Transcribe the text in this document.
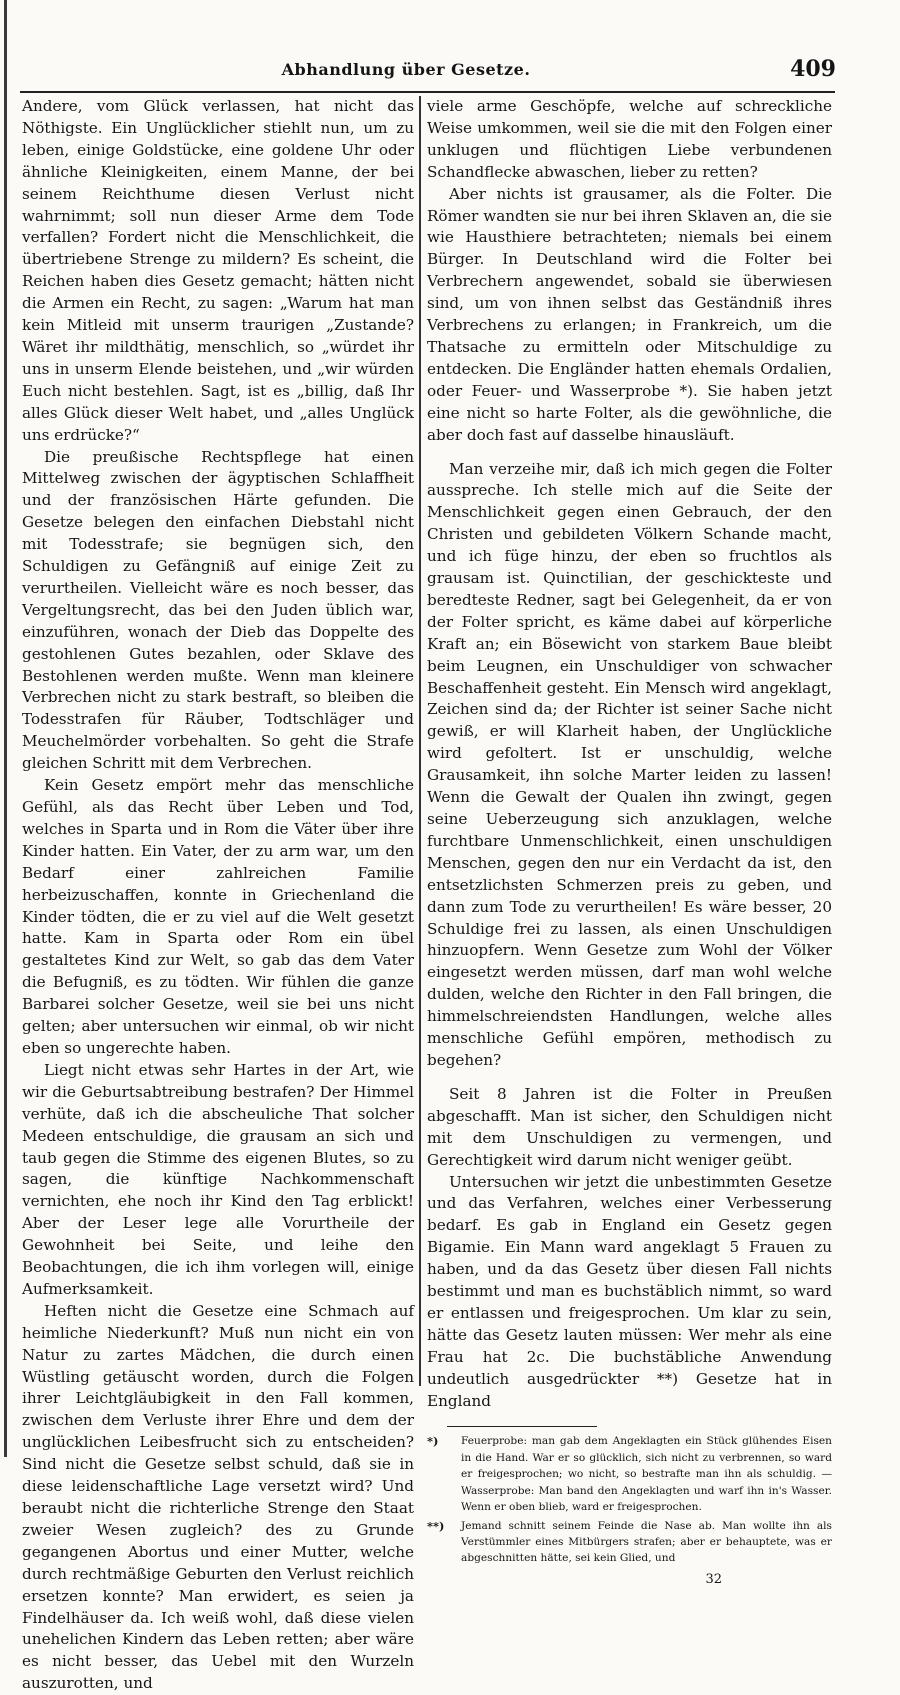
Abhandlung über Gesetze.	409

Andere, vom Glück verlassen, hat nicht das Nöthigste. Ein Unglücklicher stiehlt nun, um zu leben, einige Goldstücke, eine goldene Uhr oder ähnliche Kleinigkeiten, einem Manne, der bei seinem Reichthume diesen Verlust nicht wahrnimmt; soll nun dieser Arme dem Tode verfallen? Fordert nicht die Menschlichkeit, die übertriebene Strenge zu mildern? Es scheint, die Reichen haben dies Gesetz gemacht; hätten nicht die Armen ein Recht, zu sagen: „Warum hat man kein Mitleid mit unserm traurigen „Zustande? Wäret ihr mildthätig, menschlich, so „würdet ihr uns in unserm Elende beistehen, und „wir würden Euch nicht bestehlen. Sagt, ist es „billig, daß Ihr alles Glück dieser Welt habet, und „alles Unglück uns erdrücke?“

Die preußische Rechtspflege hat einen Mittelweg zwischen der ägyptischen Schlaffheit und der französischen Härte gefunden. Die Gesetze belegen den einfachen Diebstahl nicht mit Todesstrafe; sie begnügen sich, den Schuldigen zu Gefängniß auf einige Zeit zu verurtheilen. Vielleicht wäre es noch besser, das Vergeltungsrecht, das bei den Juden üblich war, einzuführen, wonach der Dieb das Doppelte des gestohlenen Gutes bezahlen, oder Sklave des Bestohlenen werden mußte. Wenn man kleinere Verbrechen nicht zu stark bestraft, so bleiben die Todesstrafen für Räuber, Todtschläger und Meuchelmörder vorbehalten. So geht die Strafe gleichen Schritt mit dem Verbrechen.

Kein Gesetz empört mehr das menschliche Gefühl, als das Recht über Leben und Tod, welches in Sparta und in Rom die Väter über ihre Kinder hatten. Ein Vater, der zu arm war, um den Bedarf einer zahlreichen Familie herbeizuschaffen, konnte in Griechenland die Kinder tödten, die er zu viel auf die Welt gesetzt hatte. Kam in Sparta oder Rom ein übel gestaltetes Kind zur Welt, so gab das dem Vater die Befugniß, es zu tödten. Wir fühlen die ganze Barbarei solcher Gesetze, weil sie bei uns nicht gelten; aber untersuchen wir einmal, ob wir nicht eben so ungerechte haben.

Liegt nicht etwas sehr Hartes in der Art, wie wir die Geburtsabtreibung bestrafen? Der Himmel verhüte, daß ich die abscheuliche That solcher Medeen entschuldige, die grausam an sich und taub gegen die Stimme des eigenen Blutes, so zu sagen, die künftige Nachkommenschaft vernichten, ehe noch ihr Kind den Tag erblickt! Aber der Leser lege alle Vorurtheile der Gewohnheit bei Seite, und leihe den Beobachtungen, die ich ihm vorlegen will, einige Aufmerksamkeit.

Heften nicht die Gesetze eine Schmach auf heimliche Niederkunft? Muß nun nicht ein von Natur zu zartes Mädchen, die durch einen Wüstling getäuscht worden, durch die Folgen ihrer Leichtgläubigkeit in den Fall kommen, zwischen dem Verluste ihrer Ehre und dem der unglücklichen Leibesfrucht sich zu entscheiden? Sind nicht die Gesetze selbst schuld, daß sie in diese leidenschaftliche Lage versetzt wird? Und beraubt nicht die richterliche Strenge den Staat zweier Wesen zugleich? des zu Grunde gegangenen Abortus und einer Mutter, welche durch rechtmäßige Geburten den Verlust reichlich ersetzen konnte? Man erwidert, es seien ja Findelhäuser da. Ich weiß wohl, daß diese vielen unehelichen Kindern das Leben retten; aber wäre es nicht besser, das Uebel mit den Wurzeln auszurotten, und

viele arme Geschöpfe, welche auf schreckliche Weise umkommen, weil sie die mit den Folgen einer unklugen und flüchtigen Liebe verbundenen Schandflecke abwaschen, lieber zu retten?

Aber nichts ist grausamer, als die Folter. Die Römer wandten sie nur bei ihren Sklaven an, die sie wie Hausthiere betrachteten; niemals bei einem Bürger. In Deutschland wird die Folter bei Verbrechern angewendet, sobald sie überwiesen sind, um von ihnen selbst das Geständniß ihres Verbrechens zu erlangen; in Frankreich, um die Thatsache zu ermitteln oder Mitschuldige zu entdecken. Die Engländer hatten ehemals Ordalien, oder Feuer- und Wasserprobe *). Sie haben jetzt eine nicht so harte Folter, als die gewöhnliche, die aber doch fast auf dasselbe hinausläuft.

Man verzeihe mir, daß ich mich gegen die Folter ausspreche. Ich stelle mich auf die Seite der Menschlichkeit gegen einen Gebrauch, der den Christen und gebildeten Völkern Schande macht, und ich füge hinzu, der eben so fruchtlos als grausam ist. Quinctilian, der geschickteste und beredteste Redner, sagt bei Gelegenheit, da er von der Folter spricht, es käme dabei auf körperliche Kraft an; ein Bösewicht von starkem Baue bleibt beim Leugnen, ein Unschuldiger von schwacher Beschaffenheit gesteht. Ein Mensch wird angeklagt, Zeichen sind da; der Richter ist seiner Sache nicht gewiß, er will Klarheit haben, der Unglückliche wird gefoltert. Ist er unschuldig, welche Grausamkeit, ihn solche Marter leiden zu lassen! Wenn die Gewalt der Qualen ihn zwingt, gegen seine Ueberzeugung sich anzuklagen, welche furchtbare Unmenschlichkeit, einen unschuldigen Menschen, gegen den nur ein Verdacht da ist, den entsetzlichsten Schmerzen preis zu geben, und dann zum Tode zu verurtheilen! Es wäre besser, 20 Schuldige frei zu lassen, als einen Unschuldigen hinzuopfern. Wenn Gesetze zum Wohl der Völker eingesetzt werden müssen, darf man wohl welche dulden, welche den Richter in den Fall bringen, die himmelschreiendsten Handlungen, welche alles menschliche Gefühl empören, methodisch zu begehen?

Seit 8 Jahren ist die Folter in Preußen abgeschafft. Man ist sicher, den Schuldigen nicht mit dem Unschuldigen zu vermengen, und Gerechtigkeit wird darum nicht weniger geübt.

Untersuchen wir jetzt die unbestimmten Gesetze und das Verfahren, welches einer Verbesserung bedarf. Es gab in England ein Gesetz gegen Bigamie. Ein Mann ward angeklagt 5 Frauen zu haben, und da das Gesetz über diesen Fall nichts bestimmt und man es buchstäblich nimmt, so ward er entlassen und freigesprochen. Um klar zu sein, hätte das Gesetz lauten müssen: Wer mehr als eine Frau hat 2c. Die buchstäbliche Anwendung undeutlich ausgedrückter **) Gesetze hat in England

*)	Feuerprobe: man gab dem Angeklagten ein Stück glühendes Eisen in die Hand. War er so glücklich, sich nicht zu verbrennen, so ward er freigesprochen; wo nicht, so bestrafte man ihn als schuldig. — Wasserprobe: Man band den Angeklagten und warf ihn in's Wasser. Wenn er oben blieb, ward er freigesprochen.
**)	Jemand schnitt seinem Feinde die Nase ab. Man wollte ihn als Verstümmler eines Mitbürgers strafen; aber er behauptete, was er abgeschnitten hätte, sei kein Glied, und
32
